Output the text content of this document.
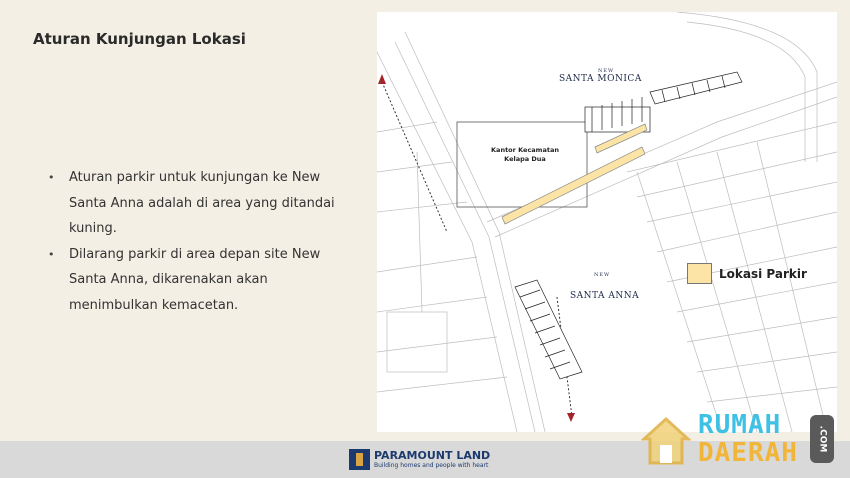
Aturan Kunjungan Lokasi
• Aturan parkir untuk kunjungan ke New Santa Anna adalah di area yang ditandai kuning.
• Dilarang parkir di area depan site New Santa Anna, dikarenakan akan menimbulkan kemacetan.
NEW
SANTA MONICA
Kantor Kecamatan
Kelapa Dua
NEW
SANTA ANNA
Lokasi Parkir
PARAMOUNT LAND
Building homes and people with heart
RUMAH
DAERAH .COM
